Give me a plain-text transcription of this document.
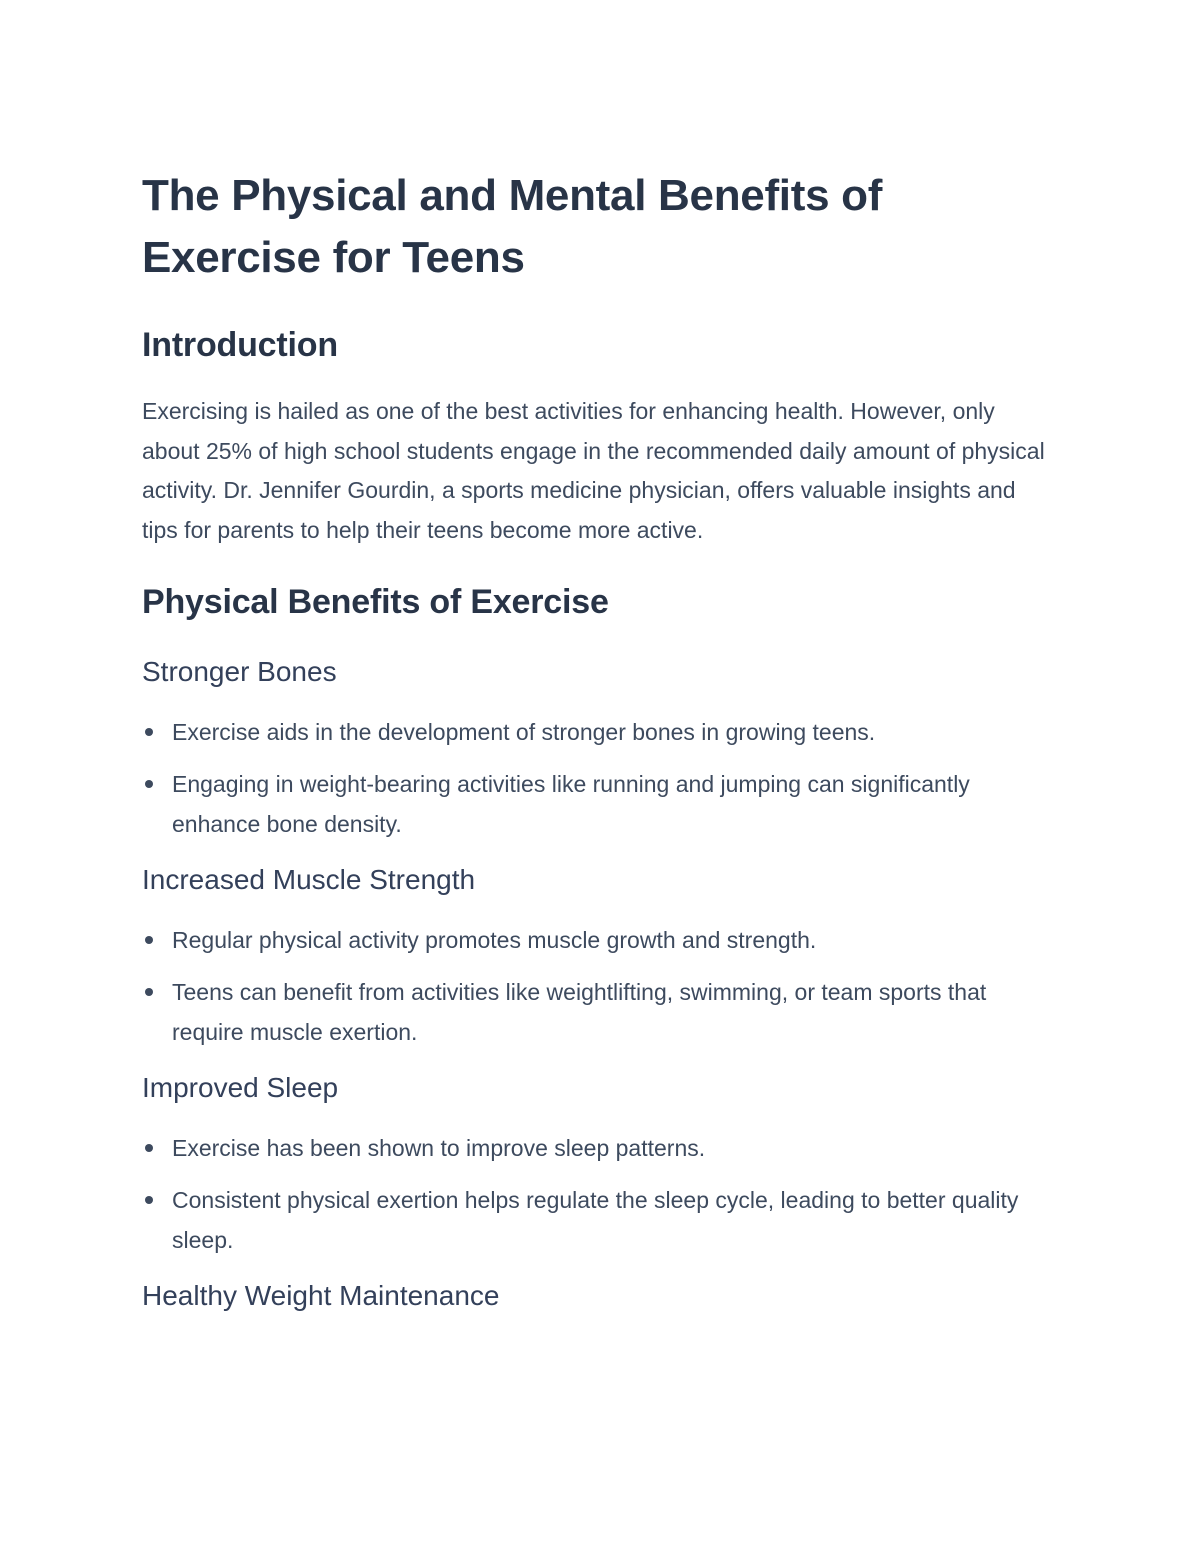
The Physical and Mental Benefits of Exercise for Teens
Introduction

Exercising is hailed as one of the best activities for enhancing health. However, only about 25% of high school students engage in the recommended daily amount of physical activity. Dr. Jennifer Gourdin, a sports medicine physician, offers valuable insights and tips for parents to help their teens become more active.

Physical Benefits of Exercise
Stronger Bones
Exercise aids in the development of stronger bones in growing teens.
Engaging in weight-bearing activities like running and jumping can significantly enhance bone density.
Increased Muscle Strength
Regular physical activity promotes muscle growth and strength.
Teens can benefit from activities like weightlifting, swimming, or team sports that require muscle exertion.
Improved Sleep
Exercise has been shown to improve sleep patterns.
Consistent physical exertion helps regulate the sleep cycle, leading to better quality sleep.
Healthy Weight Maintenance
